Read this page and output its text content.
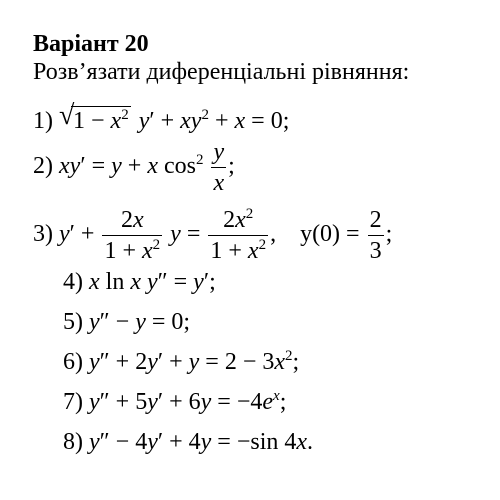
Варіант 20
Розв’язати диференціальні рівняння:
1) √
$1 - x^2$ $y' + xy^2 + x = 0$;
2) xy′ = y + x $\cos^2 \frac{y}{x}$ ;
3) $y' + \frac{2x}{1 + x^2}$ $y = \frac{2x^2}{1 + x^2}$ ,    $y(0) = \frac{2}{3}$ ;
4) x ln x y″ = y′;
5) y″ − y = 0;
6) $y'' + 2y' + y = 2 - 3x^2$;
7) $y'' + 5y' + 6y = -4e^x$;
8) y″ − 4y′ + 4y = −sin 4x.
